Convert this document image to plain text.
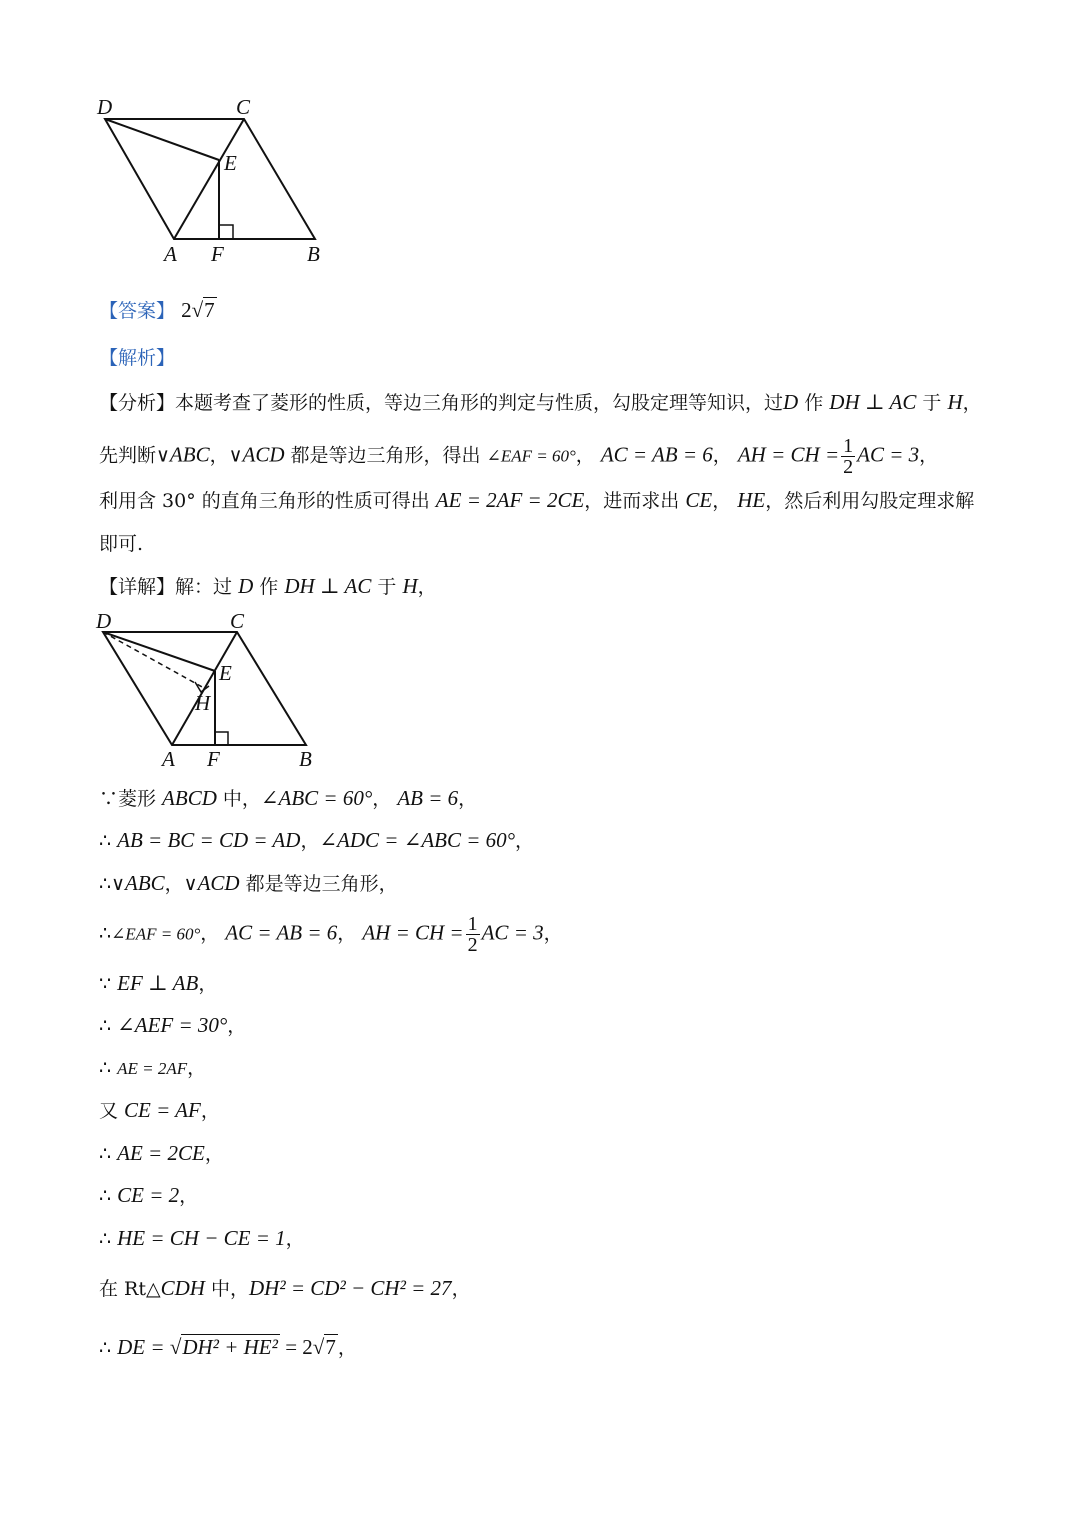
D	C
E
A F	B
【答案】 2√7
【解析】
【分析】本题考查了菱形的性质，等边三角形的判定与性质，勾股定理等知识，过D 作 DH ⊥ AC 于 H，
先判断∨ABC，∨ACD 都是等边三角形，得出 ∠EAF = 60°， AC = AB = 6， AH = CH = $\frac{1}{2}$ AC = 3，
利用含 30° 的直角三角形的性质可得出 AE = 2AF = 2CE，进而求出 CE， HE，然后利用勾股定理求解
即可.
【详解】解：过 D 作 DH ⊥ AC 于 H，
D	C
E
H
A F	B
∵菱形 ABCD 中，∠ABC = 60°， AB = 6，
∴ AB = BC = CD = AD，∠ADC = ∠ABC = 60°，
∴∨ABC，∨ACD 都是等边三角形，
∴∠EAF = 60°， AC = AB = 6， AH = CH = $\frac{1}{2}$ AC = 3，
∵ EF ⊥ AB，
∴ ∠AEF = 30°，
∴ AE = 2AF，
又 CE = AF，
∴ AE = 2CE，
∴ CE = 2，
∴ HE = CH − CE = 1，
在 Rt△CDH 中，DH² = CD² − CH² = 27，
∴ DE = √DH² + HE² = 2√7 ，
